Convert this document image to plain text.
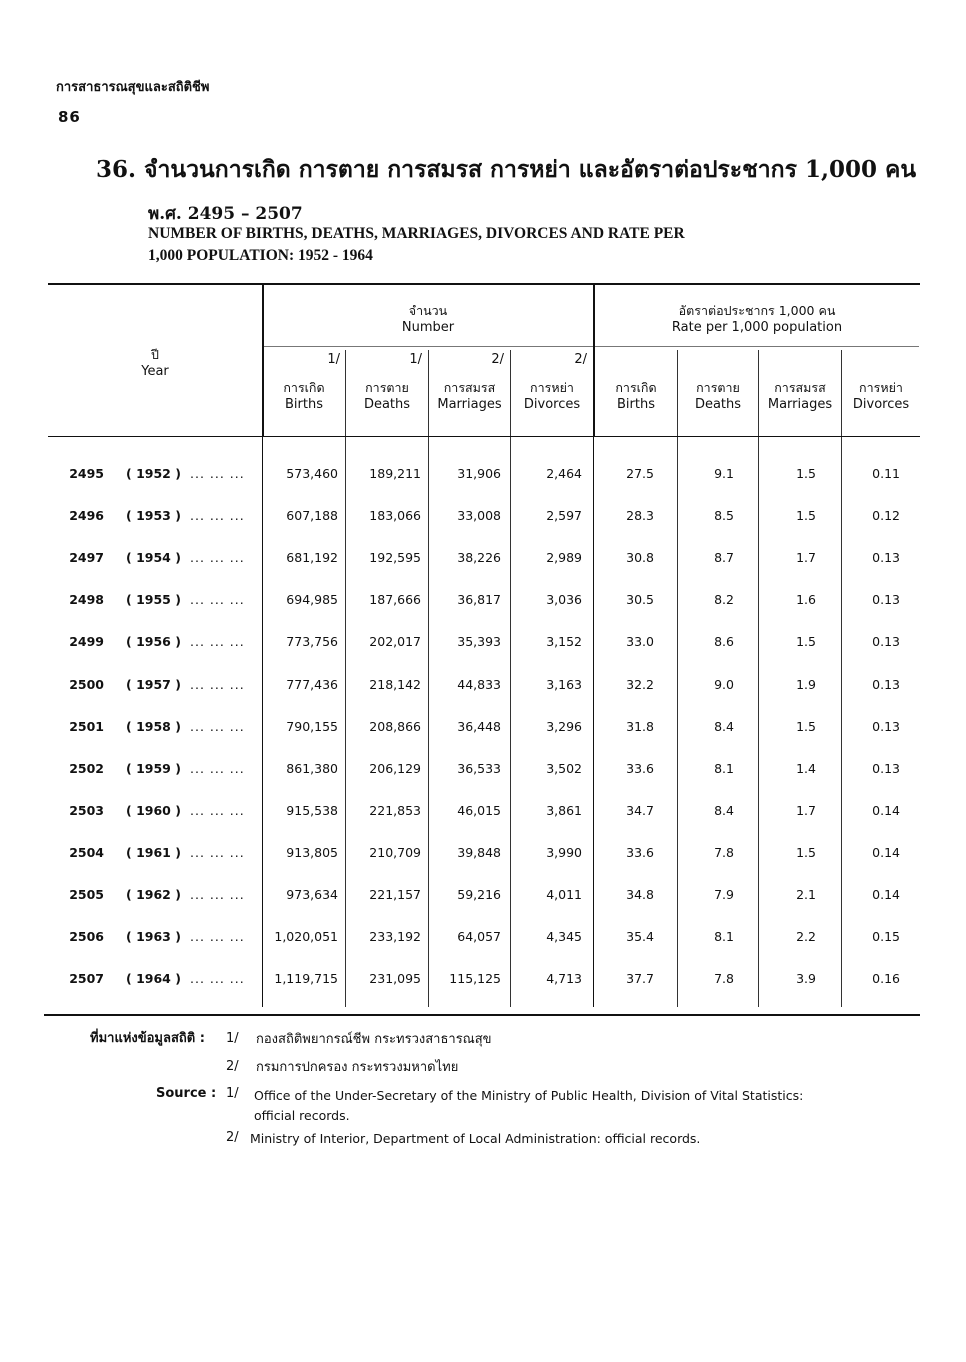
การสาธารณสุขและสถิติชีพ
86
36. จำนวนการเกิด การตาย การสมรส การหย่า และอัตราต่อประชากร 1,000 คน
พ.ศ. 2495 – 2507
NUMBER OF BIRTHS, DEATHS, MARRIAGES, DIVORCES AND RATE PER
1,000 POPULATION: 1952 - 1964
ปี
Year
จำนวน
Number
อัตราต่อประชากร 1,000 คน
Rate per 1,000 population
1/	1/	2/	2/
การเกิด
Births
การตาย
Deaths
การสมรส
Marriages
การหย่า
Divorces
การเกิด
Births
การตาย
Deaths
การสมรส
Marriages
การหย่า
Divorces
2495 ( 1952 ) ... ... ...	573,460	189,211	31,906	2,464	27.5	9.1	1.5	0.11
2496 ( 1953 ) ... ... ...	607,188	183,066	33,008	2,597	28.3	8.5	1.5	0.12
2497 ( 1954 ) ... ... ...	681,192	192,595	38,226	2,989	30.8	8.7	1.7	0.13
2498 ( 1955 ) ... ... ...	694,985	187,666	36,817	3,036	30.5	8.2	1.6	0.13
2499 ( 1956 ) ... ... ...	773,756	202,017	35,393	3,152	33.0	8.6	1.5	0.13
2500 ( 1957 ) ... ... ...	777,436	218,142	44,833	3,163	32.2	9.0	1.9	0.13
2501 ( 1958 ) ... ... ...	790,155	208,866	36,448	3,296	31.8	8.4	1.5	0.13
2502 ( 1959 ) ... ... ...	861,380	206,129	36,533	3,502	33.6	8.1	1.4	0.13
2503 ( 1960 ) ... ... ...	915,538	221,853	46,015	3,861	34.7	8.4	1.7	0.14
2504 ( 1961 ) ... ... ...	913,805	210,709	39,848	3,990	33.6	7.8	1.5	0.14
2505 ( 1962 ) ... ... ...	973,634	221,157	59,216	4,011	34.8	7.9	2.1	0.14
2506 ( 1963 ) ... ... ...	1,020,051	233,192	64,057	4,345	35.4	8.1	2.2	0.15
2507 ( 1964 ) ... ... ...	1,119,715	231,095	115,125	4,713	37.7	7.8	3.9	0.16
ที่มาแห่งข้อมูลสถิติ : 1/ กองสถิติพยากรณ์ชีพ กระทรวงสาธารณสุข
2/ กรมการปกครอง กระทรวงมหาดไทย
Source : 1/ Office of the Under-Secretary of the Ministry of Public Health, Division of Vital Statistics:
official records.
2/ Ministry of Interior, Department of Local Administration: official records.
